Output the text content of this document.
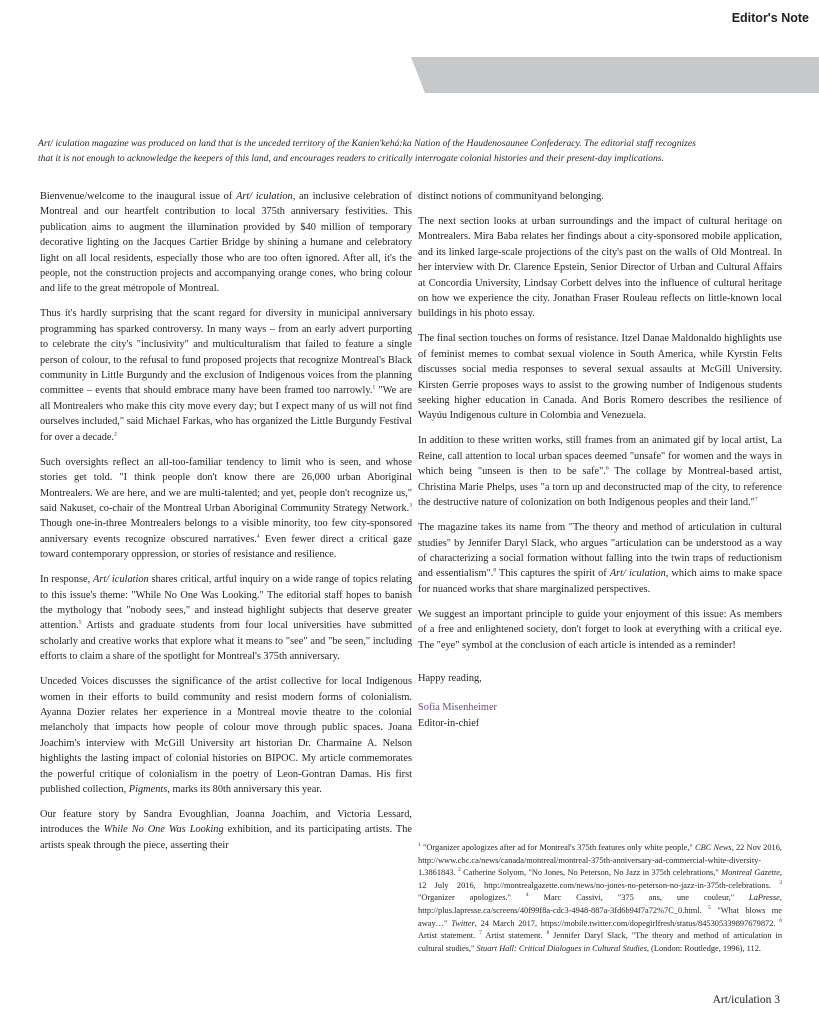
Editor's Note

Art/ iculation magazine was produced on land that is the unceded territory of the Kanien'kehá:ka Nation of the Haudenosaunee Confederacy. The editorial staff recognizes
that it is not enough to acknowledge the keepers of this land, and encourages readers to critically interrogate colonial histories and their present-day implications.

Bienvenue/welcome to the inaugural issue of Art/ iculation, an inclusive celebration of Montreal and our heartfelt contribution to local 375th anniversary festivities. This publication aims to augment the illumination provided by $40 million of temporary decorative lighting on the Jacques Cartier Bridge by shining a humane and celebratory light on all local residents, especially those who are too often ignored. After all, it's the people, not the construction projects and accompanying orange cones, who bring colour and life to the great métropole of Montreal.

Thus it's hardly surprising that the scant regard for diversity in municipal anniversary programming has sparked controversy. In many ways – from an early advert purporting to celebrate the city's "inclusivity" and multiculturalism that failed to feature a single person of colour, to the refusal to fund proposed projects that recognize Montreal's Black community in Little Burgundy and the exclusion of Indigenous voices from the planning committee – events that should embrace many have been framed too narrowly.$^1$ "We are all Montrealers who make this city move every day; but I expect many of us will not find ourselves included," said Michael Farkas, who has organized the Little Burgundy Festival for over a decade.$^2$

Such oversights reflect an all-too-familiar tendency to limit who is seen, and whose stories get told. "I think people don't know there are 26,000 urban Aboriginal Montrealers. We are here, and we are multi-talented; and yet, people don't recognize us," said Nakuset, co-chair of the Montreal Urban Aboriginal Community Strategy Network.$^3$ Though one-in-three Montrealers belongs to a visible minority, too few city-sponsored anniversary events recognize obscured narratives.$^4$ Even fewer direct a critical gaze toward contemporary oppression, or stories of resistance and resilience.

In response, Art/ iculation shares critical, artful inquiry on a wide range of topics relating to this issue's theme: "While No One Was Looking." The editorial staff hopes to banish the mythology that "nobody sees," and instead highlight subjects that deserve greater attention.$^5$ Artists and graduate students from four local universities have submitted scholarly and creative works that explore what it means to "see" and "be seen," including efforts to claim a share of the spotlight for Montreal's 375th anniversary.

Unceded Voices discusses the significance of the artist collective for local Indigenous women in their efforts to build community and resist modern forms of colonialism. Ayanna Dozier relates her experience in a Montreal movie theatre to the colonial melancholy that impacts how people of colour move through public spaces. Joana Joachim's interview with McGill University art historian Dr. Charmaine A. Nelson highlights the lasting impact of colonial histories on BIPOC. My article commemorates the powerful critique of colonialism in the poetry of Leon-Gontran Damas. His first published collection, Pigments, marks its 80th anniversary this year.

Our feature story by Sandra Evoughlian, Joanna Joachim, and Victoria Lessard, introduces the While No One Was Looking exhibition, and its participating artists. The artists speak through the piece, asserting their

distinct notions of communityand belonging.

The next section looks at urban surroundings and the impact of cultural heritage on Montrealers. Mira Baba relates her findings about a city-sponsored mobile application, and its linked large-scale projections of the city's past on the walls of Old Montreal. In her interview with Dr. Clarence Epstein, Senior Director of Urban and Cultural Affairs at Concordia University, Lindsay Corbett delves into the influence of cultural heritage on how we experience the city. Jonathan Fraser Rouleau reflects on little-known local buildings in his photo essay.

The final section touches on forms of resistance. Itzel Danae Maldonaldo highlights use of feminist memes to combat sexual violence in South America, while Kyrstin Felts discusses social media responses to several sexual assaults at McGill University. Kirsten Gerrie proposes ways to assist to the growing number of Indigenous students seeking higher education in Canada. And Boris Romero describes the resilience of Wayúu Indigenous culture in Colombia and Venezuela.

In addition to these written works, still frames from an animated gif by local artist, La Reine, call attention to local urban spaces deemed "unsafe" for women and the ways in which being "unseen is then to be safe".$^6$ The collage by Montreal-based artist, Christina Marie Phelps, uses "a torn up and deconstructed map of the city, to reference the destructive nature of colonization on both Indigenous peoples and their land."$^7$

The magazine takes its name from "The theory and method of articulation in cultural studies" by Jennifer Daryl Slack, who argues "articulation can be understood as a way of characterizing a social formation without falling into the twin traps of reductionism and essentialism".$^8$ This captures the spirit of Art/ iculation, which aims to make space for nuanced works that share marginalized perspectives.

We suggest an important principle to guide your enjoyment of this issue: As members of a free and enlightened society, don't forget to look at everything with a critical eye. The "eye" symbol at the conclusion of each article is intended as a reminder!

Happy reading,

Sofia Misenheimer
Editor-in-chief

$^1$ "Organizer apologizes after ad for Montreal's 375th features only white people," CBC News, 22 Nov 2016, http://www.cbc.ca/news/canada/montreal/montreal-375th-anniversary-ad-commercial-white-diversity-1.3861843. $^2$ Catherine Solyom, "No Jones, No Peterson, No Jazz in 375th celebrations," Montreal Gazette, 12 July 2016, http://montrealgazette.com/news/no-jones-no-peterson-no-jazz-in-375th-celebrations. $^3$ "Organizer apologizes." $^4$ Marc Cassivi, "375 ans, une couleur," LaPresse, http://plus.lapresse.ca/screens/40f99f8a-cdc3-4948-887a-3fd6b94f7a72%7C_0.html. $^5$ "What blows me away…" Twitter, 24 March 2017, https://mobile.twitter.com/dopegirlfresh/status/845305339897679872. $^6$ Artist statement. $^7$ Artist statement. $^8$ Jennifer Daryl Slack, "The theory and method of articulation in cultural studies," Stuart Hall: Critical Dialogues in Cultural Studies, (London: Routledge, 1996), 112.

Art/iculation 3
